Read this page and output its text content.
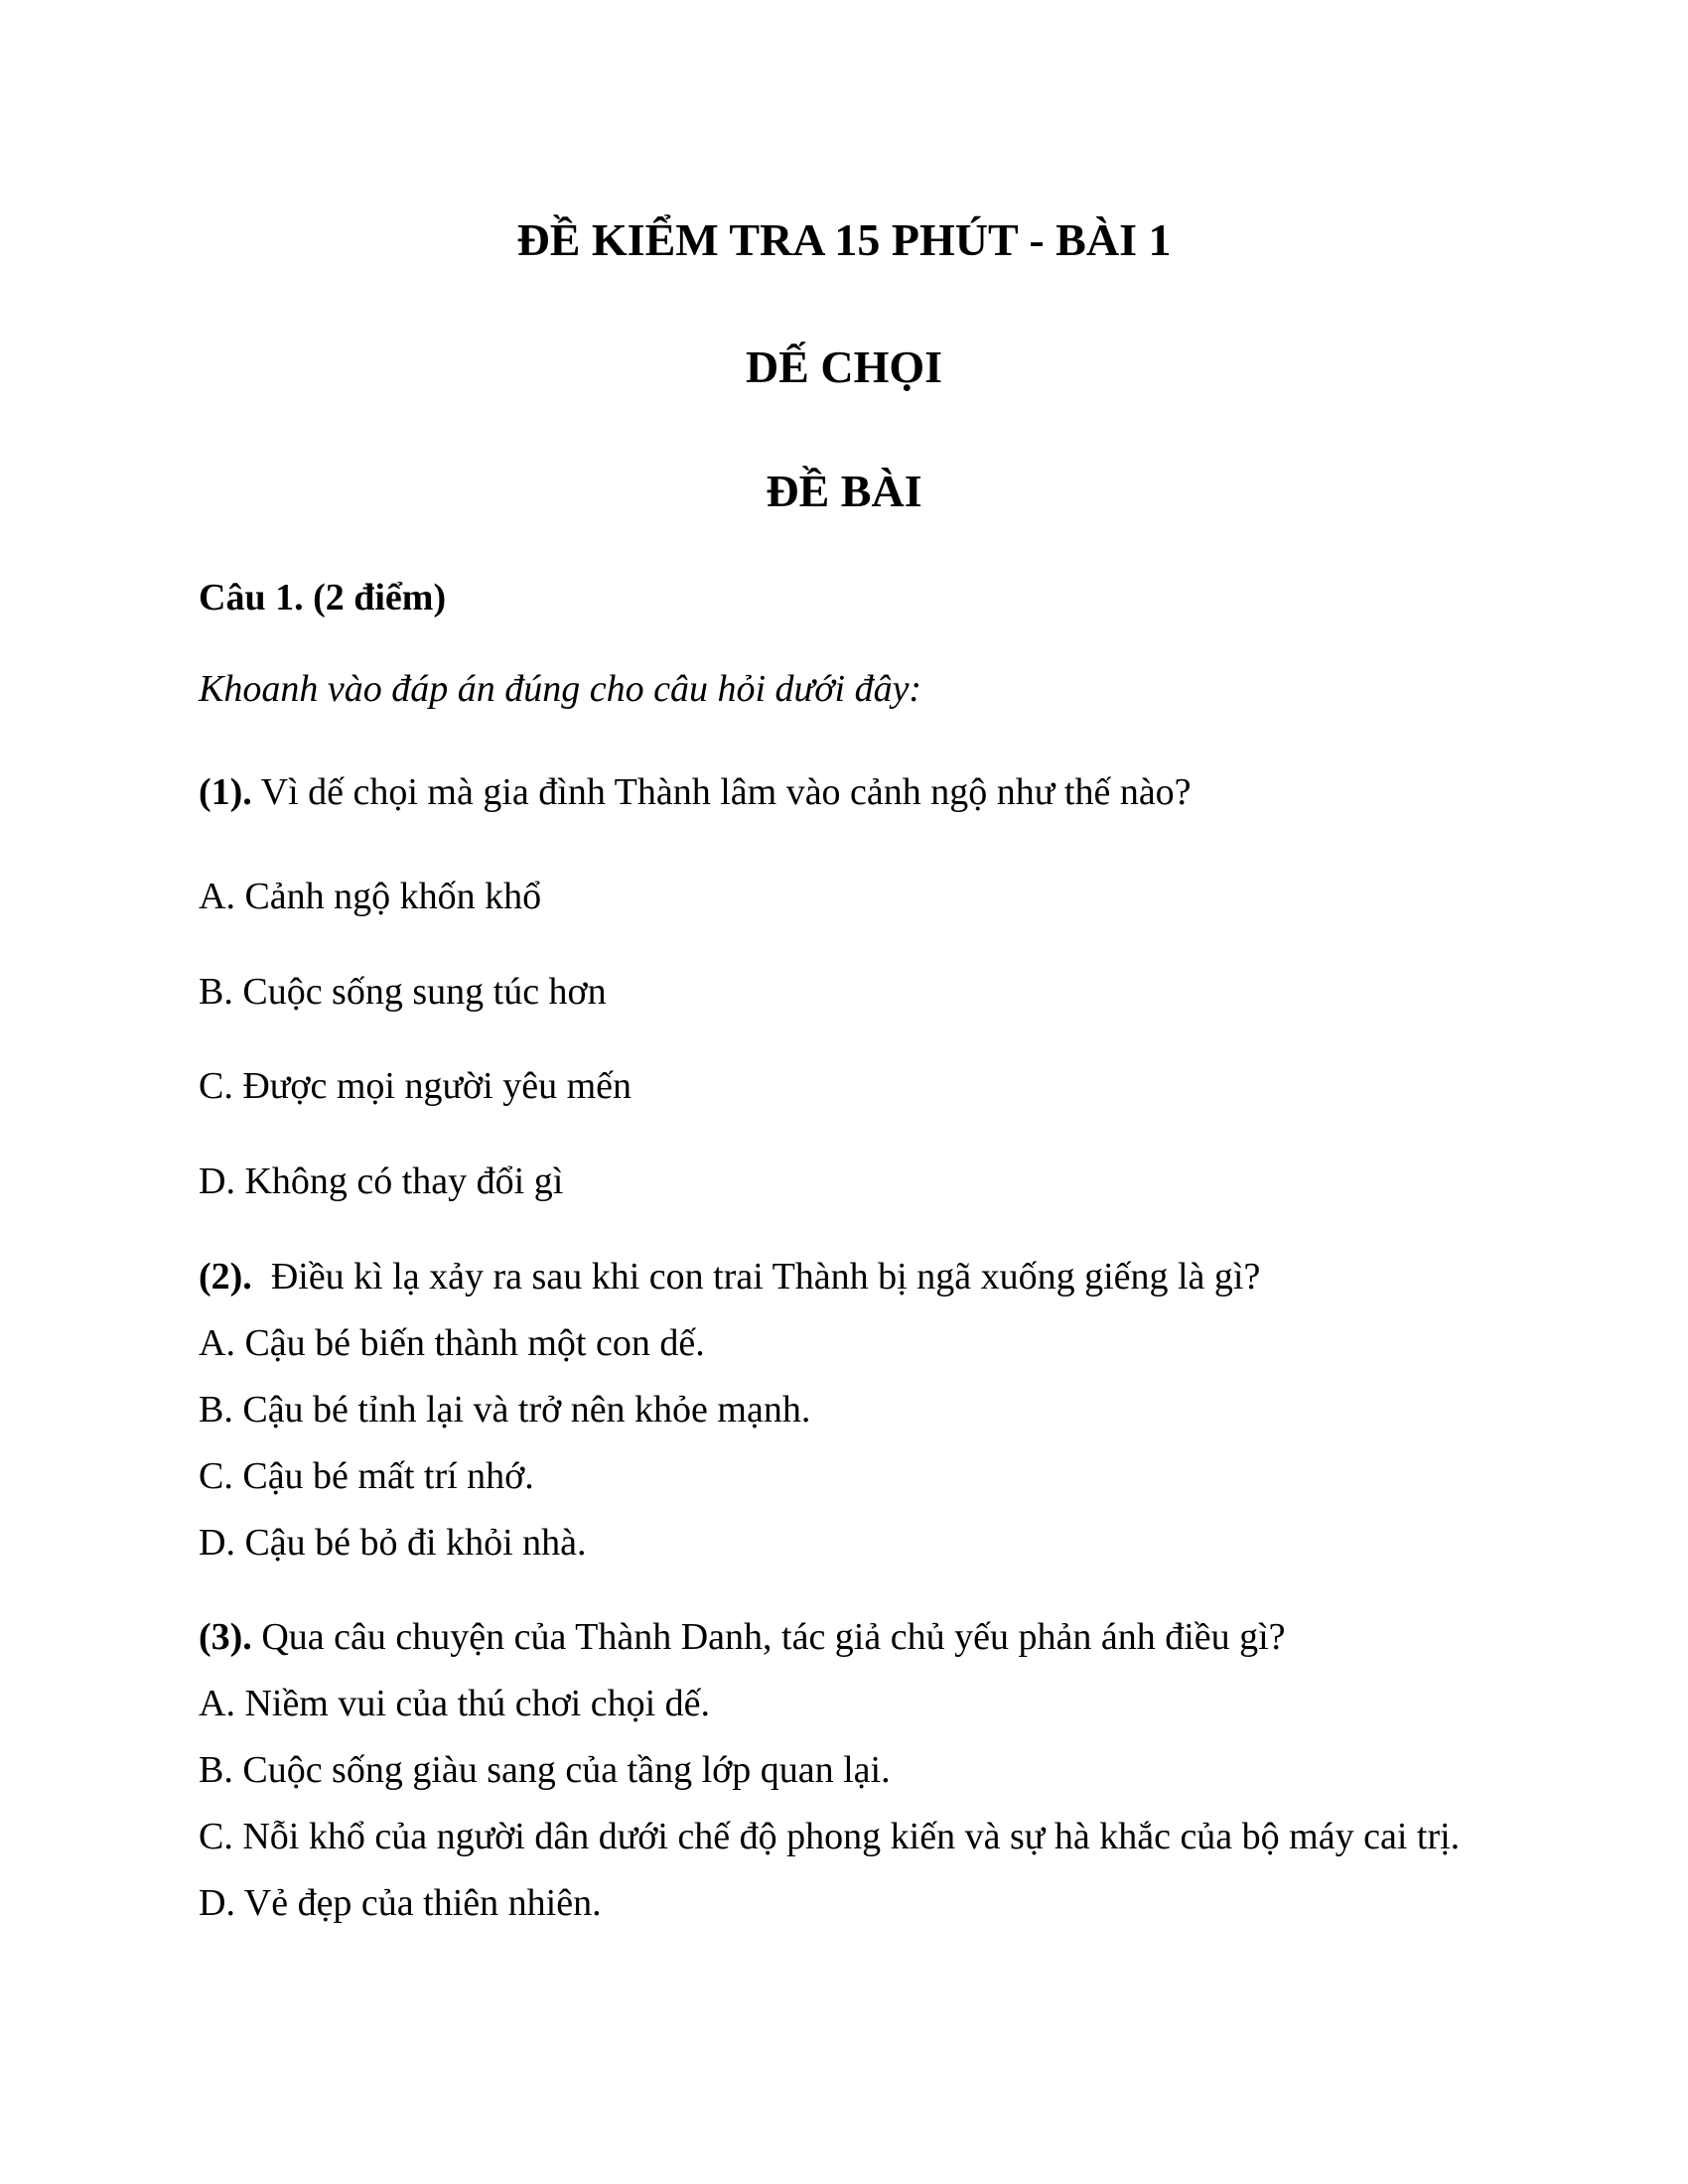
ĐỀ KIỂM TRA 15 PHÚT - BÀI 1
DẾ CHỌI
ĐỀ BÀI
Câu 1. (2 điểm)
Khoanh vào đáp án đúng cho câu hỏi dưới đây:
(1). Vì dế chọi mà gia đình Thành lâm vào cảnh ngộ như thế nào?
A. Cảnh ngộ khốn khổ
B. Cuộc sống sung túc hơn
C. Được mọi người yêu mến
D. Không có thay đổi gì
(2).  Điều kì lạ xảy ra sau khi con trai Thành bị ngã xuống giếng là gì?
A. Cậu bé biến thành một con dế.
B. Cậu bé tỉnh lại và trở nên khỏe mạnh.
C. Cậu bé mất trí nhớ.
D. Cậu bé bỏ đi khỏi nhà.
(3). Qua câu chuyện của Thành Danh, tác giả chủ yếu phản ánh điều gì?
A. Niềm vui của thú chơi chọi dế.
B. Cuộc sống giàu sang của tầng lớp quan lại.
C. Nỗi khổ của người dân dưới chế độ phong kiến và sự hà khắc của bộ máy cai trị.
D. Vẻ đẹp của thiên nhiên.
